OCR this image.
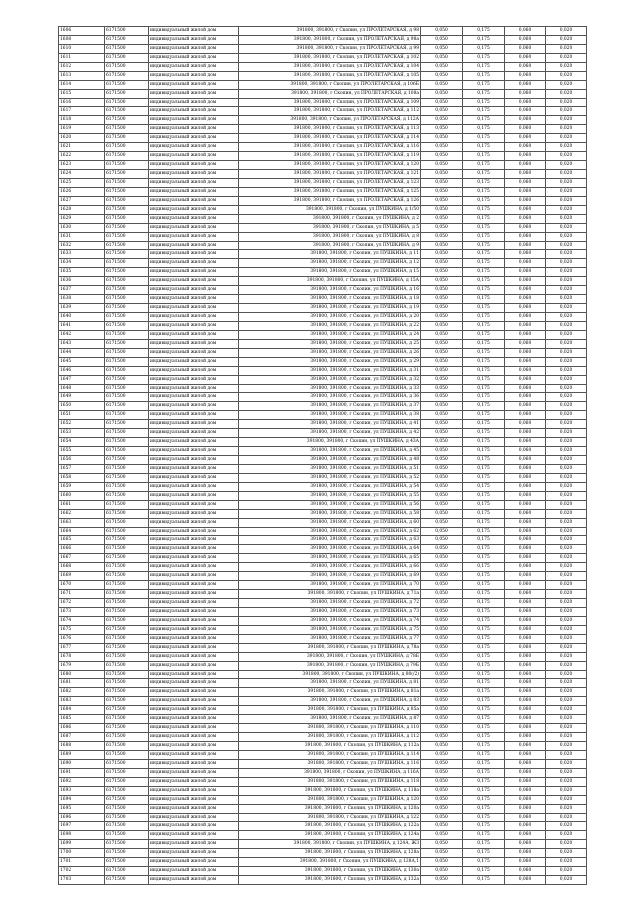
1606	6171500	индивидуальный жилой дом	391800, 391800, г Скопин, ул ПРОЛЕТАРСКАЯ, д 98	0,050	0,175	0,060	0,020
1608	6171500	индивидуальный жилой дом	391800, 391800, г Скопин, ул ПРОЛЕТАРСКАЯ, д 98а	0,050	0,175	0,060	0,020
1610	6171500	индивидуальный жилой дом	391800, 391800, г Скопин, ул ПРОЛЕТАРСКАЯ, д 99	0,050	0,175	0,060	0,020
1611	6171500	индивидуальный жилой дом	391800, 391800, г Скопин, ул ПРОЛЕТАРСКАЯ, д 102	0,050	0,175	0,060	0,020
1612	6171500	индивидуальный жилой дом	391800, 391800, г Скопин, ул ПРОЛЕТАРСКАЯ, д 104	0,050	0,175	0,060	0,020
1613	6171500	индивидуальный жилой дом	391800, 391800, г Скопин, ул ПРОЛЕТАРСКАЯ, д 105	0,050	0,175	0,060	0,020
1614	6171500	индивидуальный жилой дом	391800, 391800, г Скопин, ул ПРОЛЕТАРСКАЯ, д 106Б	0,050	0,175	0,060	0,020
1615	6171500	индивидуальный жилой дом	391800, 391800, г Скопин, ул ПРОЛЕТАРСКАЯ, д 108а	0,050	0,175	0,060	0,020
1616	6171500	индивидуальный жилой дом	391800, 391800, г Скопин, ул ПРОЛЕТАРСКАЯ, д 109	0,050	0,175	0,060	0,020
1617	6171500	индивидуальный жилой дом	391800, 391800, г Скопин, ул ПРОЛЕТАРСКАЯ, д 112	0,050	0,175	0,060	0,020
1618	6171500	индивидуальный жилой дом	391800, 391800, г Скопин, ул ПРОЛЕТАРСКАЯ, д 112А	0,050	0,175	0,060	0,020
1619	6171500	индивидуальный жилой дом	391800, 391800, г Скопин, ул ПРОЛЕТАРСКАЯ, д 113	0,050	0,175	0,060	0,020
1620	6171500	индивидуальный жилой дом	391800, 391800, г Скопин, ул ПРОЛЕТАРСКАЯ, д 114	0,050	0,175	0,060	0,020
1621	6171500	индивидуальный жилой дом	391800, 391800, г Скопин, ул ПРОЛЕТАРСКАЯ, д 116	0,050	0,175	0,060	0,020
1622	6171500	индивидуальный жилой дом	391800, 391800, г Скопин, ул ПРОЛЕТАРСКАЯ, д 119	0,050	0,175	0,060	0,020
1623	6171500	индивидуальный жилой дом	391800, 391800, г Скопин, ул ПРОЛЕТАРСКАЯ, д 120	0,050	0,175	0,060	0,020
1624	6171500	индивидуальный жилой дом	391800, 391800, г Скопин, ул ПРОЛЕТАРСКАЯ, д 121	0,050	0,175	0,060	0,020
1625	6171500	индивидуальный жилой дом	391800, 391800, г Скопин, ул ПРОЛЕТАРСКАЯ, д 123	0,050	0,175	0,060	0,020
1626	6171500	индивидуальный жилой дом	391800, 391800, г Скопин, ул ПРОЛЕТАРСКАЯ, д 125	0,050	0,175	0,060	0,020
1627	6171500	индивидуальный жилой дом	391800, 391800, г Скопин, ул ПРОЛЕТАРСКАЯ, д 126	0,050	0,175	0,060	0,020
1628	6171500	индивидуальный жилой дом	391800, 391800, г Скопин, ул ПУШКИНА, д 1/50	0,050	0,175	0,060	0,020
1629	6171500	индивидуальный жилой дом	391800, 391800, г Скопин, ул ПУШКИНА, д 2	0,050	0,175	0,060	0,020
1630	6171500	индивидуальный жилой дом	391800, 391800, г Скопин, ул ПУШКИНА, д 5	0,050	0,175	0,060	0,020
1631	6171500	индивидуальный жилой дом	391800, 391800, г Скопин, ул ПУШКИНА, д 8	0,050	0,175	0,060	0,020
1632	6171500	индивидуальный жилой дом	391800, 391800, г Скопин, ул ПУШКИНА, д 9	0,050	0,175	0,060	0,020
1633	6171500	индивидуальный жилой дом	391800, 391800, г Скопин, ул ПУШКИНА, д 11	0,050	0,175	0,060	0,020
1634	6171500	индивидуальный жилой дом	391800, 391800, г Скопин, ул ПУШКИНА, д 12	0,050	0,175	0,060	0,020
1635	6171500	индивидуальный жилой дом	391800, 391800, г Скопин, ул ПУШКИНА, д 15	0,050	0,175	0,060	0,020
1636	6171500	индивидуальный жилой дом	391800, 391800, г Скопин, ул ПУШКИНА, д 15А	0,050	0,175	0,060	0,020
1637	6171500	индивидуальный жилой дом	391800, 391800, г Скопин, ул ПУШКИНА, д 16	0,050	0,175	0,060	0,020
1638	6171500	индивидуальный жилой дом	391800, 391800, г Скопин, ул ПУШКИНА, д 18	0,050	0,175	0,060	0,020
1639	6171500	индивидуальный жилой дом	391800, 391800, г Скопин, ул ПУШКИНА, д 19	0,050	0,175	0,060	0,020
1640	6171500	индивидуальный жилой дом	391800, 391800, г Скопин, ул ПУШКИНА, д 20	0,050	0,175	0,060	0,020
1641	6171500	индивидуальный жилой дом	391800, 391800, г Скопин, ул ПУШКИНА, д 22	0,050	0,175	0,060	0,020
1642	6171500	индивидуальный жилой дом	391800, 391800, г Скопин, ул ПУШКИНА, д 24	0,050	0,175	0,060	0,020
1643	6171500	индивидуальный жилой дом	391800, 391800, г Скопин, ул ПУШКИНА, д 25	0,050	0,175	0,060	0,020
1644	6171500	индивидуальный жилой дом	391800, 391800, г Скопин, ул ПУШКИНА, д 26	0,050	0,175	0,060	0,020
1645	6171500	индивидуальный жилой дом	391800, 391800, г Скопин, ул ПУШКИНА, д 29	0,050	0,175	0,060	0,020
1646	6171500	индивидуальный жилой дом	391800, 391800, г Скопин, ул ПУШКИНА, д 31	0,050	0,175	0,060	0,020
1647	6171500	индивидуальный жилой дом	391800, 391800, г Скопин, ул ПУШКИНА, д 32	0,050	0,175	0,060	0,020
1648	6171500	индивидуальный жилой дом	391800, 391800, г Скопин, ул ПУШКИНА, д 33	0,050	0,175	0,060	0,020
1649	6171500	индивидуальный жилой дом	391800, 391800, г Скопин, ул ПУШКИНА, д 36	0,050	0,175	0,060	0,020
1650	6171500	индивидуальный жилой дом	391800, 391800, г Скопин, ул ПУШКИНА, д 37	0,050	0,175	0,060	0,020
1651	6171500	индивидуальный жилой дом	391800, 391800, г Скопин, ул ПУШКИНА, д 38	0,050	0,175	0,060	0,020
1652	6171500	индивидуальный жилой дом	391800, 391800, г Скопин, ул ПУШКИНА, д 41	0,050	0,175	0,060	0,020
1653	6171500	индивидуальный жилой дом	391800, 391800, г Скопин, ул ПУШКИНА, д 42	0,050	0,175	0,060	0,020
1654	6171500	индивидуальный жилой дом	391800, 391800, г Скопин, ул ПУШКИНА, д 43А	0,050	0,175	0,060	0,020
1655	6171500	индивидуальный жилой дом	391800, 391800, г Скопин, ул ПУШКИНА, д 45	0,050	0,175	0,060	0,020
1656	6171500	индивидуальный жилой дом	391800, 391800, г Скопин, ул ПУШКИНА, д 48	0,050	0,175	0,060	0,020
1657	6171500	индивидуальный жилой дом	391800, 391800, г Скопин, ул ПУШКИНА, д 51	0,050	0,175	0,060	0,020
1658	6171500	индивидуальный жилой дом	391800, 391800, г Скопин, ул ПУШКИНА, д 52	0,050	0,175	0,060	0,020
1659	6171500	индивидуальный жилой дом	391800, 391800, г Скопин, ул ПУШКИНА, д 54	0,050	0,175	0,060	0,020
1660	6171500	индивидуальный жилой дом	391800, 391800, г Скопин, ул ПУШКИНА, д 55	0,050	0,175	0,060	0,020
1661	6171500	индивидуальный жилой дом	391800, 391800, г Скопин, ул ПУШКИНА, д 56	0,050	0,175	0,060	0,020
1662	6171500	индивидуальный жилой дом	391800, 391800, г Скопин, ул ПУШКИНА, д 58	0,050	0,175	0,060	0,020
1663	6171500	индивидуальный жилой дом	391800, 391800, г Скопин, ул ПУШКИНА, д 60	0,050	0,175	0,060	0,020
1664	6171500	индивидуальный жилой дом	391800, 391800, г Скопин, ул ПУШКИНА, д 62	0,050	0,175	0,060	0,020
1665	6171500	индивидуальный жилой дом	391800, 391800, г Скопин, ул ПУШКИНА, д 63	0,050	0,175	0,060	0,020
1666	6171500	индивидуальный жилой дом	391800, 391800, г Скопин, ул ПУШКИНА, д 64	0,050	0,175	0,060	0,020
1667	6171500	индивидуальный жилой дом	391800, 391800, г Скопин, ул ПУШКИНА, д 65	0,050	0,175	0,060	0,020
1668	6171500	индивидуальный жилой дом	391800, 391800, г Скопин, ул ПУШКИНА, д 66	0,050	0,175	0,060	0,020
1669	6171500	индивидуальный жилой дом	391800, 391800, г Скопин, ул ПУШКИНА, д 69	0,050	0,175	0,060	0,020
1670	6171500	индивидуальный жилой дом	391800, 391800, г Скопин, ул ПУШКИНА, д 70	0,050	0,175	0,060	0,020
1671	6171500	индивидуальный жилой дом	391800, 391800, г Скопин, ул ПУШКИНА, д 71а	0,050	0,175	0,060	0,020
1672	6171500	индивидуальный жилой дом	391800, 391800, г Скопин, ул ПУШКИНА, д 72	0,050	0,175	0,060	0,020
1673	6171500	индивидуальный жилой дом	391800, 391800, г Скопин, ул ПУШКИНА, д 73	0,050	0,175	0,060	0,020
1674	6171500	индивидуальный жилой дом	391800, 391800, г Скопин, ул ПУШКИНА, д 74	0,050	0,175	0,060	0,020
1675	6171500	индивидуальный жилой дом	391800, 391800, г Скопин, ул ПУШКИНА, д 75	0,050	0,175	0,060	0,020
1676	6171500	индивидуальный жилой дом	391800, 391800, г Скопин, ул ПУШКИНА, д 77	0,050	0,175	0,060	0,020
1677	6171500	индивидуальный жилой дом	391800, 391800, г Скопин, ул ПУШКИНА, д 78а	0,050	0,175	0,060	0,020
1678	6171500	индивидуальный жилой дом	391800, 391800, г Скопин, ул ПУШКИНА, д 78Б	0,050	0,175	0,060	0,020
1679	6171500	индивидуальный жилой дом	391800, 391800, г Скопин, ул ПУШКИНА, д 79Б	0,050	0,175	0,060	0,020
1680	6171500	индивидуальный жилой дом	391800, 391800, г Скопин, ул ПУШКИНА, д 80(/2)	0,050	0,175	0,060	0,020
1681	6171500	индивидуальный жилой дом	391800, 391800, г Скопин, ул ПУШКИНА, д 81	0,050	0,175	0,060	0,020
1682	6171500	индивидуальный жилой дом	391800, 391800, г Скопин, ул ПУШКИНА, д 81а	0,050	0,175	0,060	0,020
1683	6171500	индивидуальный жилой дом	391800, 391800, г Скопин, ул ПУШКИНА, д 83	0,050	0,175	0,060	0,020
1684	6171500	индивидуальный жилой дом	391800, 391800, г Скопин, ул ПУШКИНА, д 85а	0,050	0,175	0,060	0,020
1685	6171500	индивидуальный жилой дом	391800, 391800, г Скопин, ул ПУШКИНА, д 87	0,050	0,175	0,060	0,020
1686	6171500	индивидуальный жилой дом	391800, 391800, г Скопин, ул ПУШКИНА, д 110	0,050	0,175	0,060	0,020
1687	6171500	индивидуальный жилой дом	391800, 391800, г Скопин, ул ПУШКИНА, д 112	0,050	0,175	0,060	0,020
1688	6171500	индивидуальный жилой дом	391800, 391800, г Скопин, ул ПУШКИНА, д 112а	0,050	0,175	0,060	0,020
1689	6171500	индивидуальный жилой дом	391800, 391800, г Скопин, ул ПУШКИНА, д 114	0,050	0,175	0,060	0,020
1690	6171500	индивидуальный жилой дом	391800, 391800, г Скопин, ул ПУШКИНА, д 116	0,050	0,175	0,060	0,020
1691	6171500	индивидуальный жилой дом	391800, 391800, г Скопин, ул ПУШКИНА, д 116А	0,050	0,175	0,060	0,020
1692	6171500	индивидуальный жилой дом	391800, 391800, г Скопин, ул ПУШКИНА, д 118	0,050	0,175	0,060	0,020
1693	6171500	индивидуальный жилой дом	391800, 391800, г Скопин, ул ПУШКИНА, д 118а	0,050	0,175	0,060	0,020
1694	6171500	индивидуальный жилой дом	391800, 391800, г Скопин, ул ПУШКИНА, д 120	0,050	0,175	0,060	0,020
1695	6171500	индивидуальный жилой дом	391800, 391800, г Скопин, ул ПУШКИНА, д 120а	0,050	0,175	0,060	0,020
1696	6171500	индивидуальный жилой дом	391800, 391800, г Скопин, ул ПУШКИНА, д 122	0,050	0,175	0,060	0,020
1697	6171500	индивидуальный жилой дом	391800, 391800, г Скопин, ул ПУШКИНА, д 122а	0,050	0,175	0,060	0,020
1698	6171500	индивидуальный жилой дом	391800, 391800, г Скопин, ул ПУШКИНА, д 124а	0,050	0,175	0,060	0,020
1699	6171500	индивидуальный жилой дом	391800, 391800, г Скопин, ул ПУШКИНА, д 124А, ЖЗ	0,050	0,175	0,060	0,020
1700	6171500	индивидуальный жилой дом	391800, 391800, г Скопин, ул ПУШКИНА, д 128а	0,050	0,175	0,060	0,020
1701	6171500	индивидуальный жилой дом	391800, 391800, г Скопин, ул ПУШКИНА, д 128А,1	0,050	0,175	0,060	0,020
1702	6171500	индивидуальный жилой дом	391800, 391800, г Скопин, ул ПУШКИНА, д 130а	0,050	0,175	0,060	0,020
1703	6171500	индивидуальный жилой дом	391800, 391800, г Скопин, ул ПУШКИНА, д 132а	0,050	0,175	0,060	0,020
